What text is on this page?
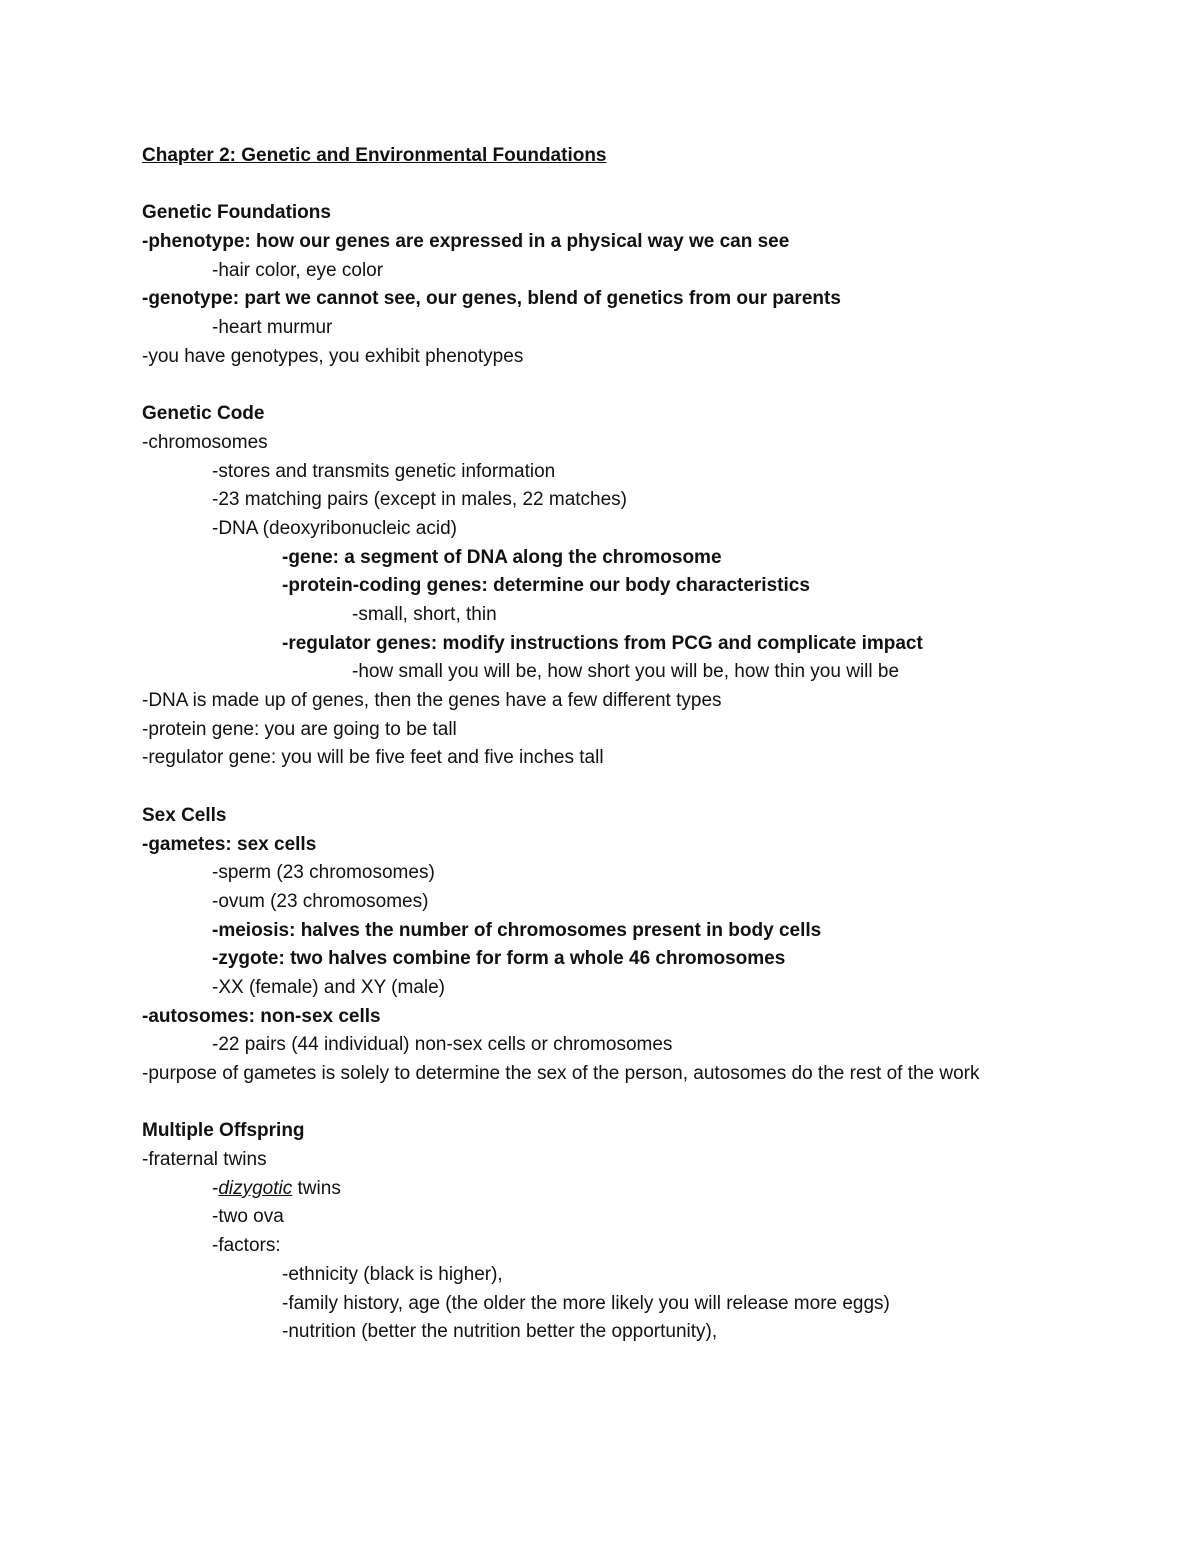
Chapter 2: Genetic and Environmental Foundations
Genetic Foundations
-phenotype: how our genes are expressed in a physical way we can see
-hair color, eye color
-genotype: part we cannot see, our genes, blend of genetics from our parents
-heart murmur
-you have genotypes, you exhibit phenotypes
Genetic Code
-chromosomes
-stores and transmits genetic information
-23 matching pairs (except in males, 22 matches)
-DNA (deoxyribonucleic acid)
-gene: a segment of DNA along the chromosome
-protein-coding genes: determine our body characteristics
-small, short, thin
-regulator genes: modify instructions from PCG and complicate impact
-how small you will be, how short you will be, how thin you will be
-DNA is made up of genes, then the genes have a few different types
-protein gene: you are going to be tall
-regulator gene: you will be five feet and five inches tall
Sex Cells
-gametes: sex cells
-sperm (23 chromosomes)
-ovum (23 chromosomes)
-meiosis: halves the number of chromosomes present in body cells
-zygote: two halves combine for form a whole 46 chromosomes
-XX (female) and XY (male)
-autosomes: non-sex cells
-22 pairs (44 individual) non-sex cells or chromosomes
-purpose of gametes is solely to determine the sex of the person, autosomes do the rest of the work
Multiple Offspring
-fraternal twins
-dizygotic twins
-two ova
-factors:
-ethnicity (black is higher),
-family history, age (the older the more likely you will release more eggs)
-nutrition (better the nutrition better the opportunity),
